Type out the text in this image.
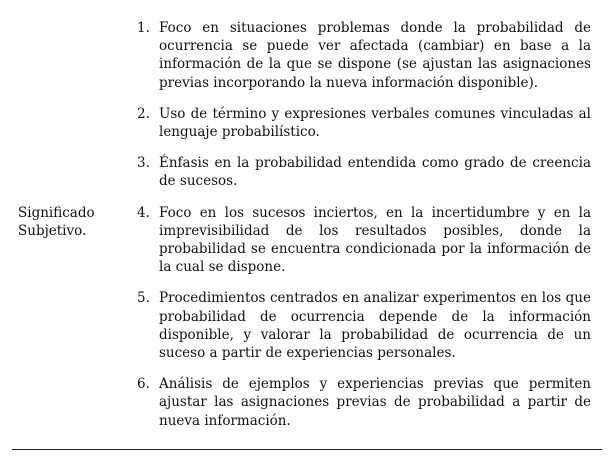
Significado
Subjetivo.
1. Foco en situaciones problemas donde la probabilidad de ocurrencia se puede ver afectada (cambiar) en base a la información de la que se dispone (se ajustan las asignaciones previas incorporando la nueva información disponible).
2. Uso de término y expresiones verbales comunes vinculadas al lenguaje probabilístico.
3. Énfasis en la probabilidad entendida como grado de creencia de sucesos.
4. Foco en los sucesos inciertos, en la incertidumbre y en la imprevisibilidad de los resultados posibles, donde la probabilidad se encuentra condicionada por la información de la cual se dispone.
5. Procedimientos centrados en analizar experimentos en los que probabilidad de ocurrencia depende de la información disponible, y valorar la probabilidad de ocurrencia de un suceso a partir de experiencias personales.
6. Análisis de ejemplos y experiencias previas que permiten ajustar las asignaciones previas de probabilidad a partir de nueva información.
